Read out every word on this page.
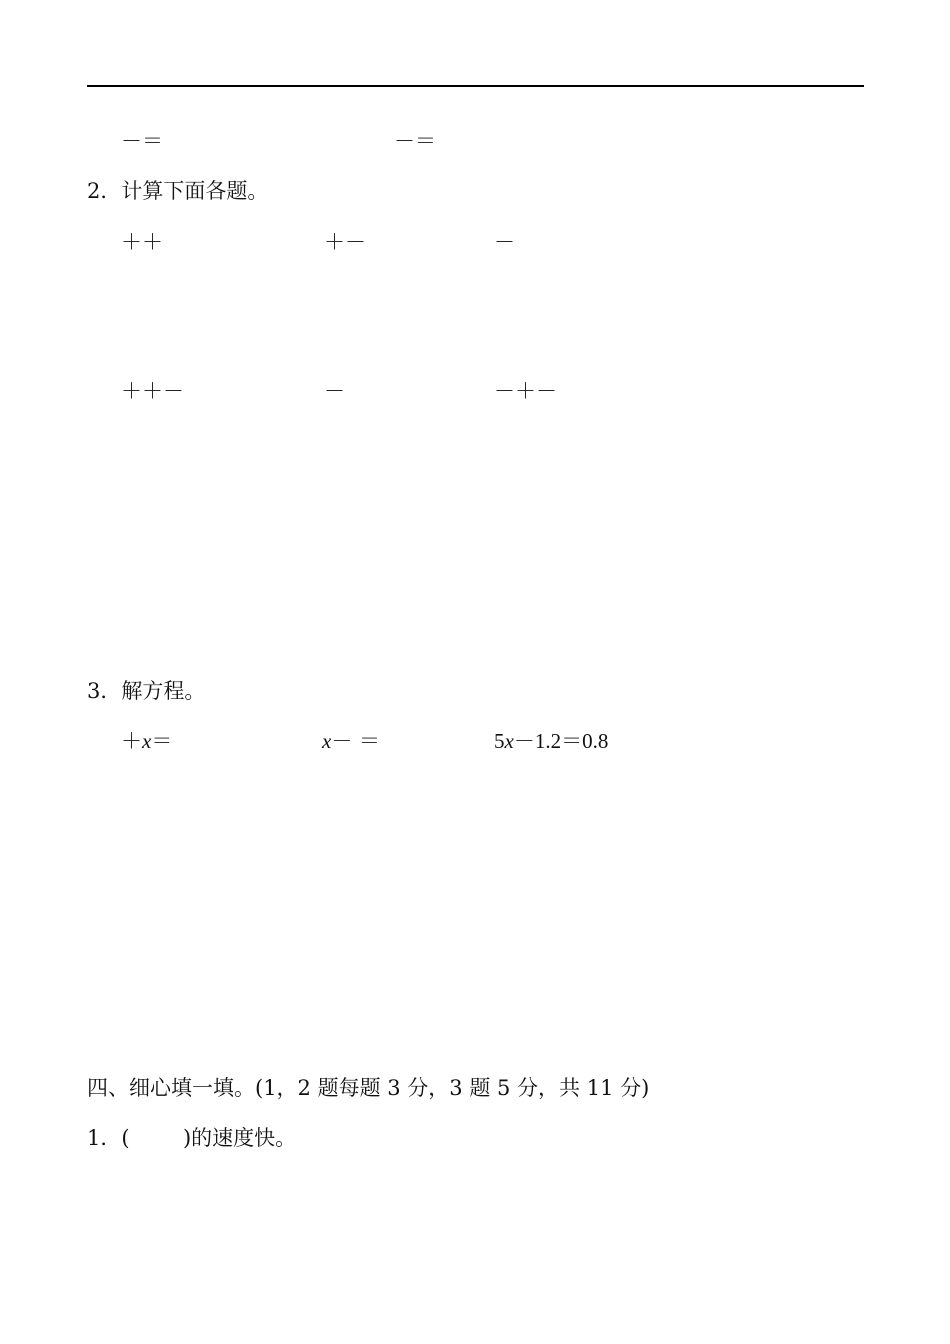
－＝	－＝
2．计算下面各题。
＋＋	＋－	－
＋＋－	－	－＋－
3．解方程。
＋x＝	x－ ＝	5x－1.2＝0.8
四、细心填一填。(1，2 题每题 3 分，3 题 5 分，共 11 分)
1．(        )的速度快。
